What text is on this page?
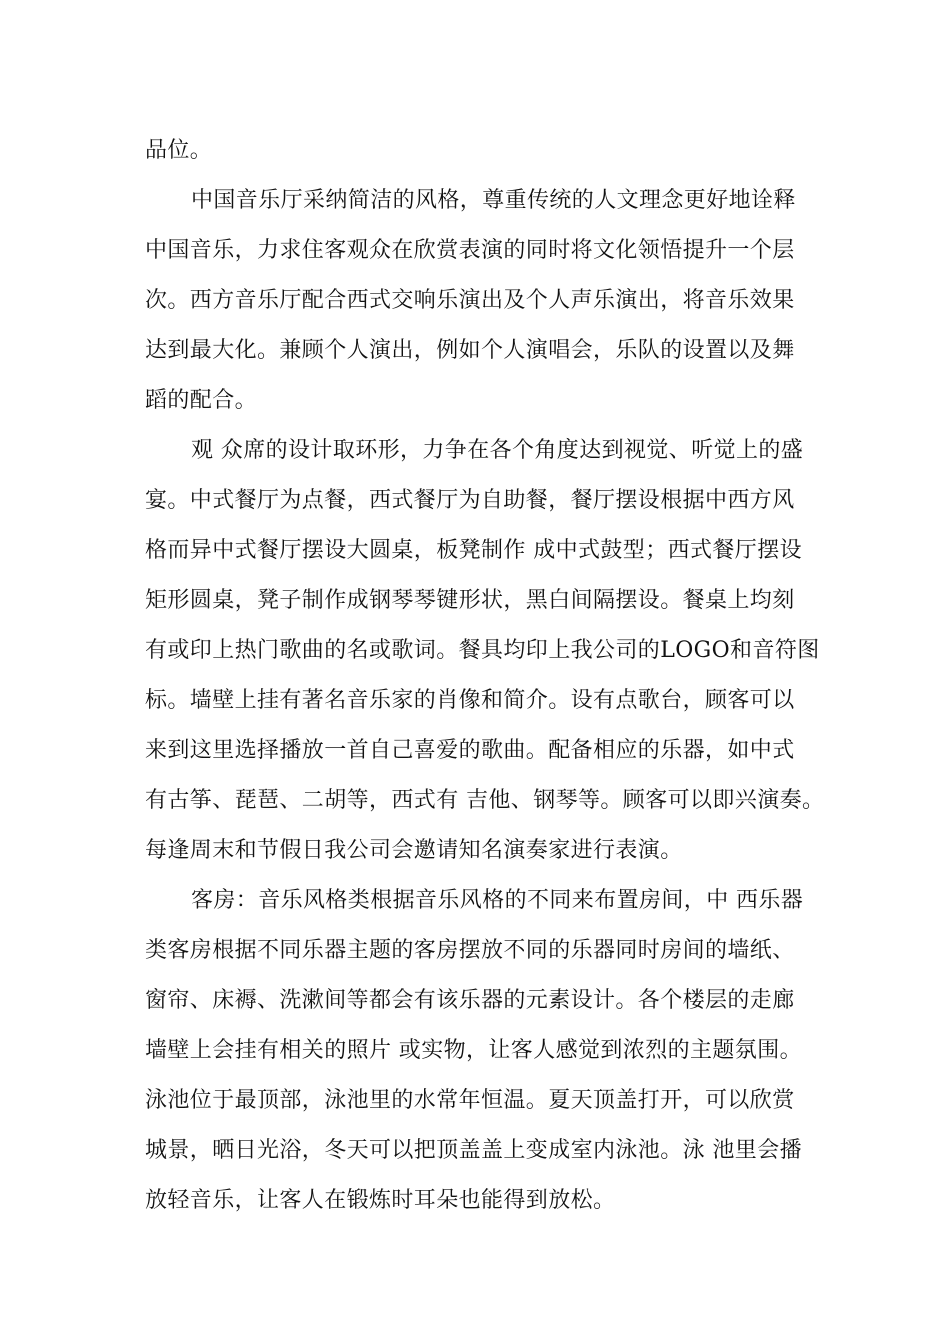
品位。
中国音乐厅采纳简洁的风格，尊重传统的人文理念更好地诠释
中国音乐，力求住客观众在欣赏表演的同时将文化领悟提升一个层
次。西方音乐厅配合西式交响乐演出及个人声乐演出，将音乐效果
达到最大化。兼顾个人演出，例如个人演唱会，乐队的设置以及舞
蹈的配合。
观 众席的设计取环形，力争在各个角度达到视觉、听觉上的盛
宴。中式餐厅为点餐，西式餐厅为自助餐，餐厅摆设根据中西方风
格而异中式餐厅摆设大圆桌，板凳制作 成中式鼓型；西式餐厅摆设
矩形圆桌，凳子制作成钢琴琴键形状，黑白间隔摆设。餐桌上均刻
有或印上热门歌曲的名或歌词。餐具均印上我公司的LOGO和音符图
标。墙壁上挂有著名音乐家的肖像和简介。设有点歌台，顾客可以
来到这里选择播放一首自己喜爱的歌曲。配备相应的乐器，如中式
有古筝、琵琶、二胡等，西式有 吉他、钢琴等。顾客可以即兴演奏。
每逢周末和节假日我公司会邀请知名演奏家进行表演。
客房：音乐风格类根据音乐风格的不同来布置房间，中 西乐器
类客房根据不同乐器主题的客房摆放不同的乐器同时房间的墙纸、
窗帘、床褥、洗漱间等都会有该乐器的元素设计。各个楼层的走廊
墙壁上会挂有相关的照片 或实物，让客人感觉到浓烈的主题氛围。
泳池位于最顶部，泳池里的水常年恒温。夏天顶盖打开，可以欣赏
城景，晒日光浴，冬天可以把顶盖盖上变成室内泳池。泳 池里会播
放轻音乐，让客人在锻炼时耳朵也能得到放松。
